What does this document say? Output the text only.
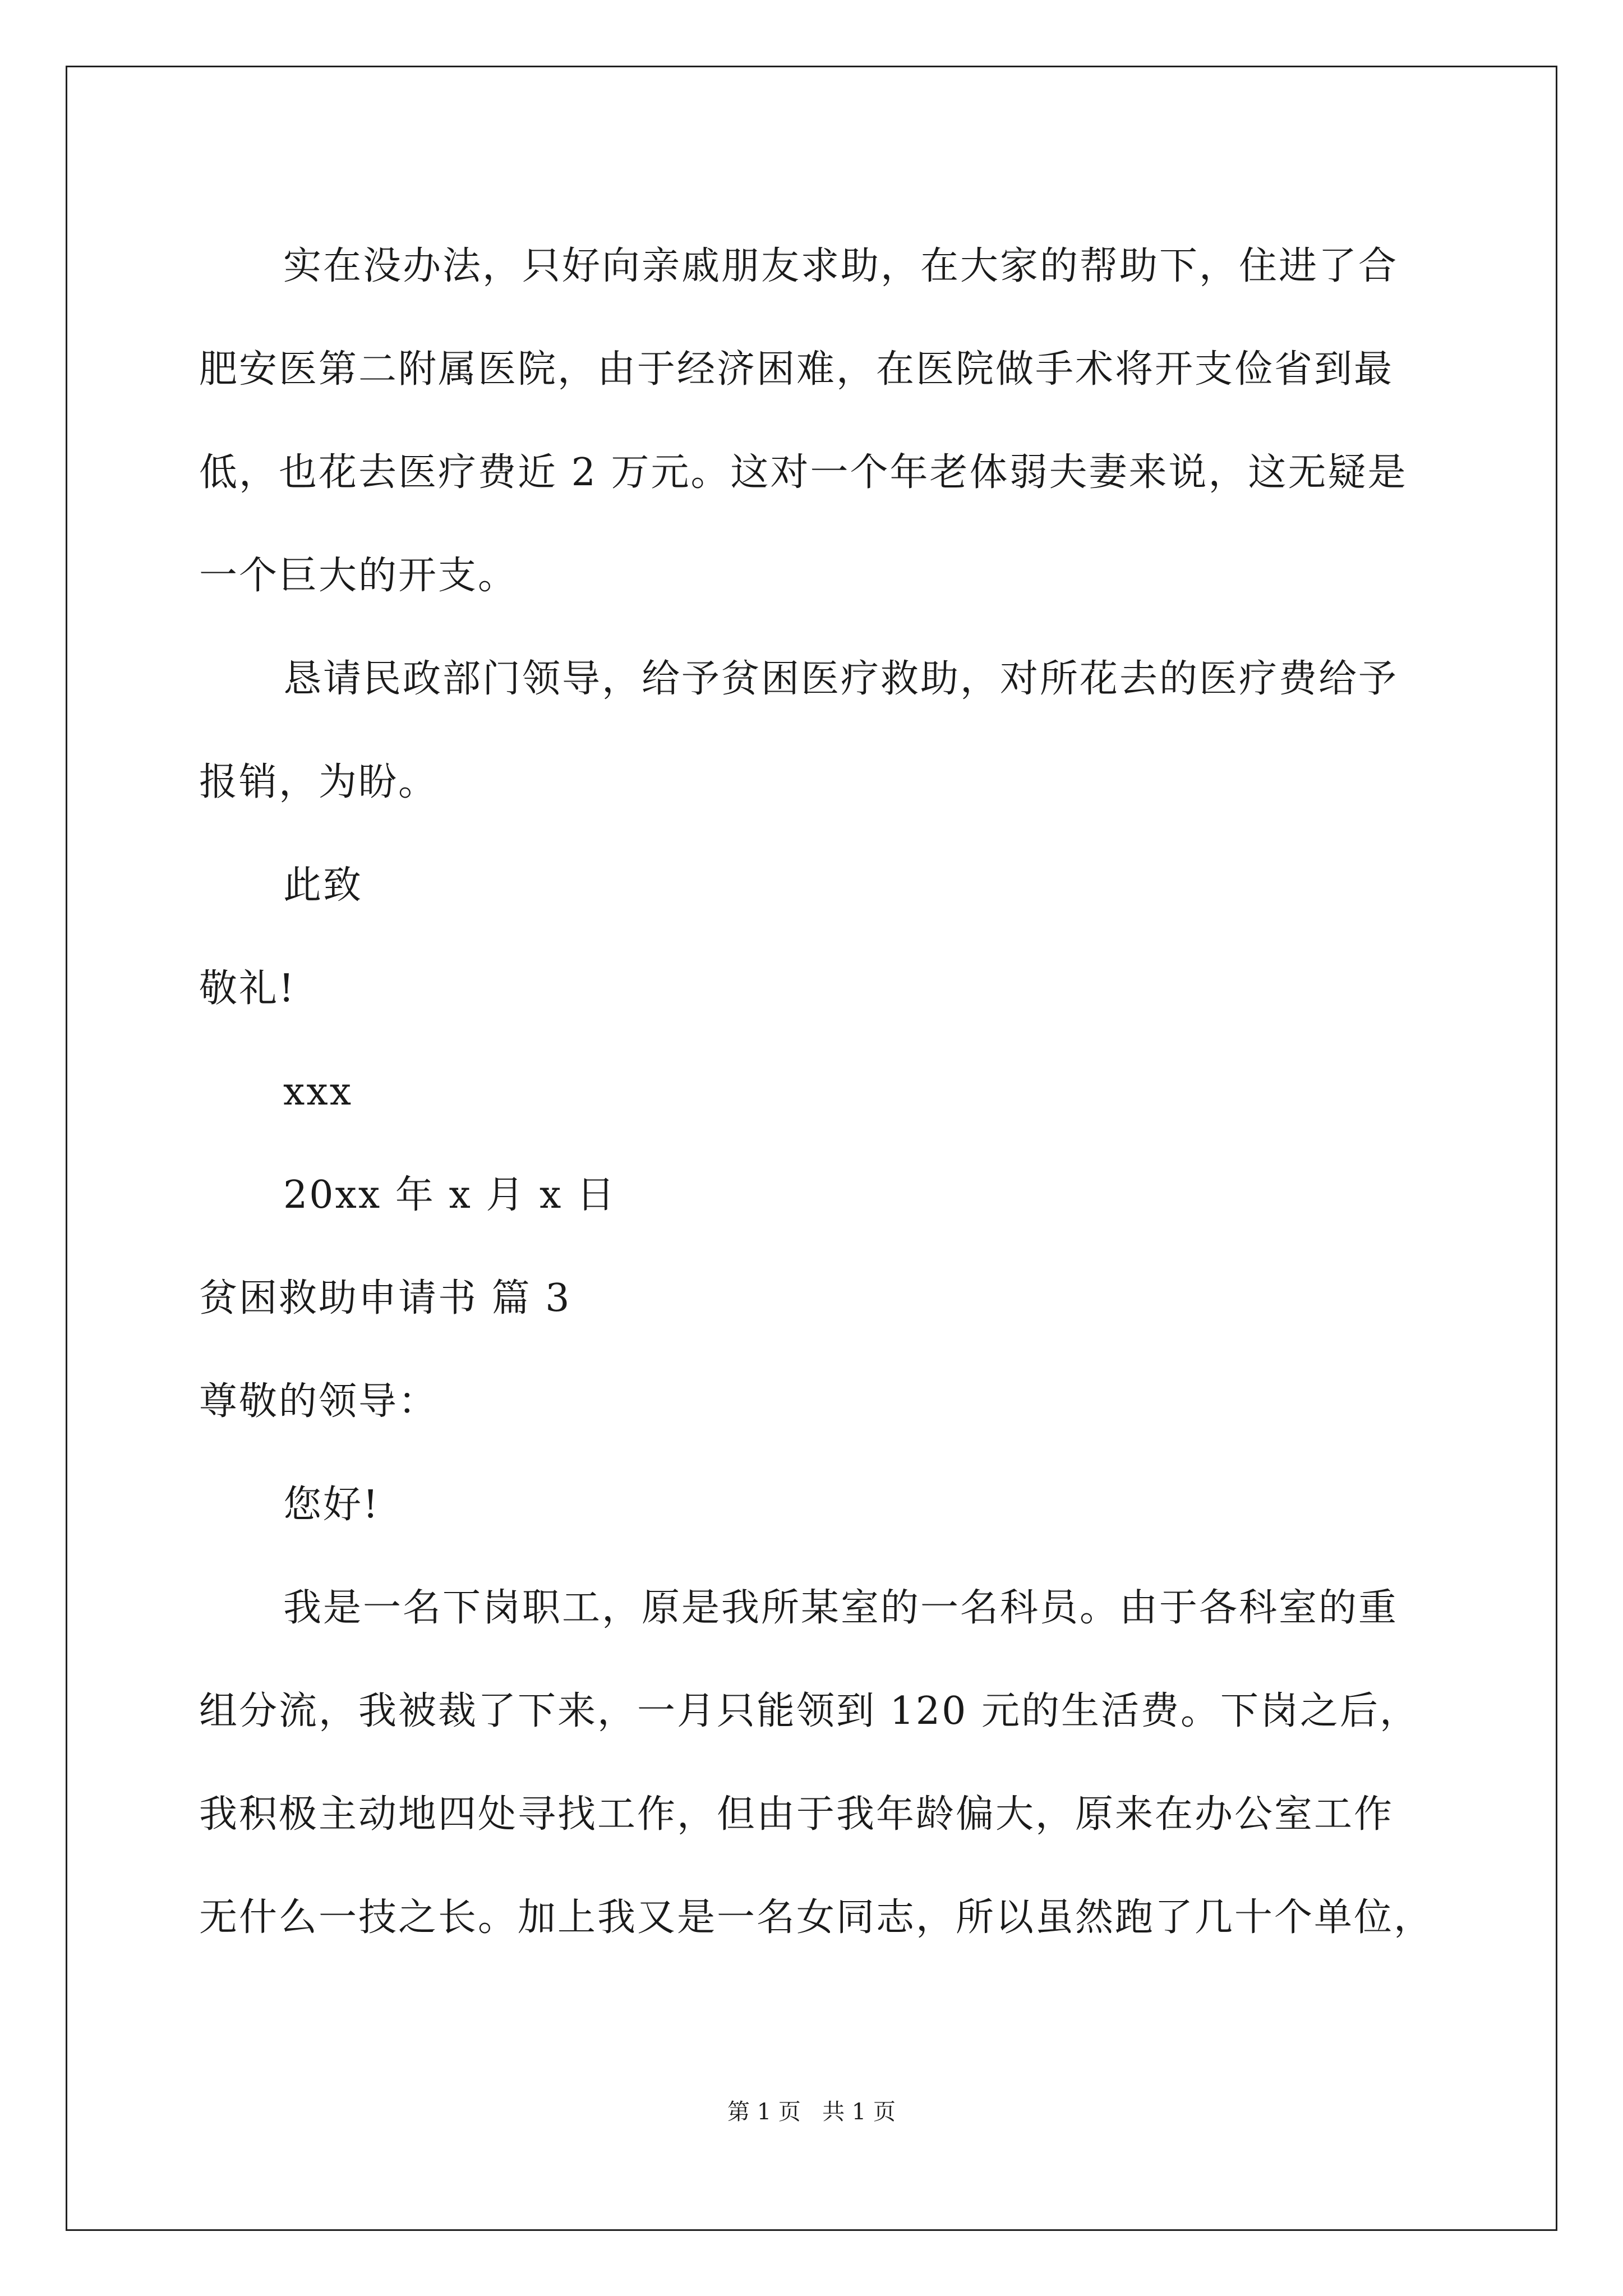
实在没办法，只好向亲戚朋友求助，在大家的帮助下，住进了合

肥安医第二附属医院，由于经济困难，在医院做手术将开支俭省到最

低，也花去医疗费近 2 万元。这对一个年老体弱夫妻来说，这无疑是

一个巨大的开支。

恳请民政部门领导，给予贫困医疗救助，对所花去的医疗费给予

报销，为盼。

此致

敬礼!

xxx

20xx 年 x 月 x 日

贫困救助申请书 篇 3

尊敬的领导：

您好!

我是一名下岗职工，原是我所某室的一名科员。由于各科室的重

组分流，我被裁了下来，一月只能领到 120 元的生活费。下岗之后，

我积极主动地四处寻找工作，但由于我年龄偏大，原来在办公室工作

无什么一技之长。加上我又是一名女同志，所以虽然跑了几十个单位，

第 1 页   共 1 页
